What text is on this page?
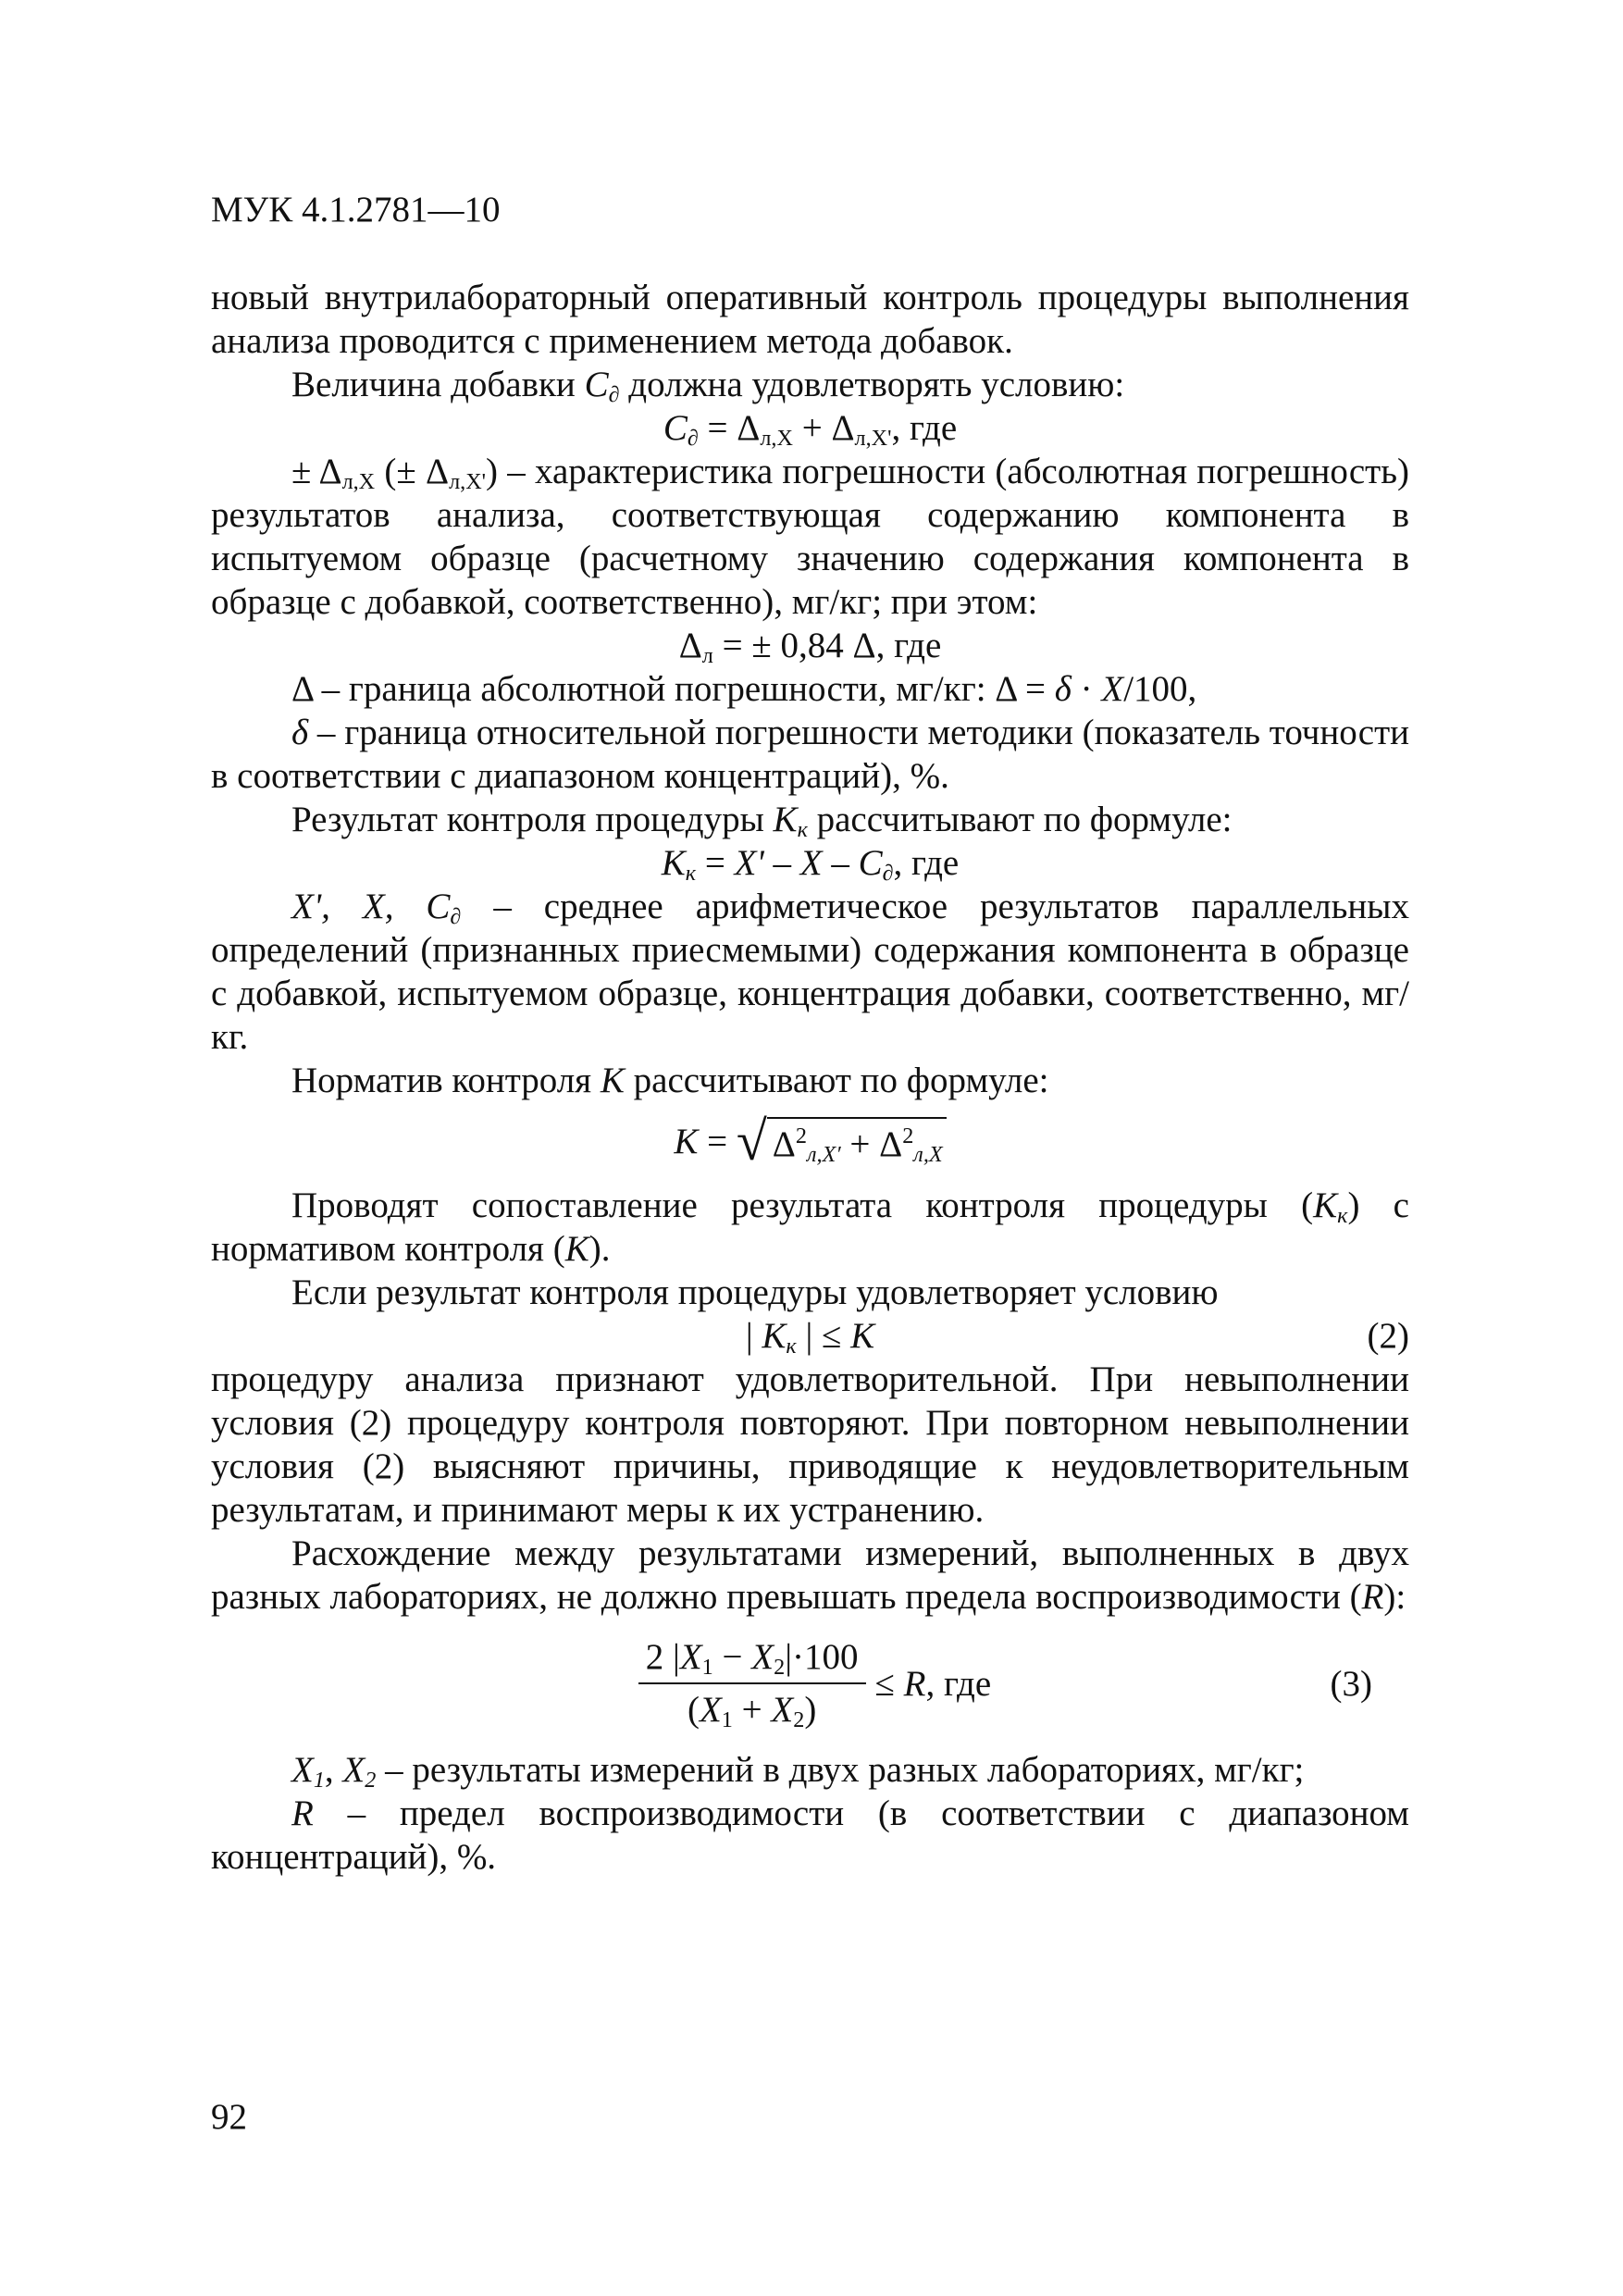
МУК 4.1.2781—10

новый внутрилабораторный оперативный контроль процедуры выполнения анализа проводится с применением метода добавок.

Величина добавки $C_\partial$ должна удовлетворять условию:

$C_\partial = \Delta_{л,X} + \Delta_{л,X'}$, где

± $\Delta_{л,X}$ (± $\Delta_{л,X'}$) – характеристика погрешности (абсолютная погрешность) результатов анализа, соответствующая содержанию компонента в испытуемом образце (расчетному значению содержания компонента в образце с добавкой, соответственно), мг/кг; при этом:

$\Delta_л$ = ± 0,84 Δ, где

Δ – граница абсолютной погрешности, мг/кг: Δ = δ · X/100,

δ – граница относительной погрешности методики (показатель точности в соответствии с диапазоном концентраций), %.

Результат контроля процедуры $K_к$ рассчитывают по формуле:

$K_к = X' - X - C_\partial$, где

X', X, $C_\partial$ – среднее арифметическое результатов параллельных определений (признанных приесмемыми) содержания компонента в образце с добавкой, испытуемом образце, концентрация добавки, соответственно, мг/кг.

Норматив контроля K рассчитывают по формуле:

K = √ $\Delta^2_{л,X'} + \Delta^2_{л,X}$

Проводят сопоставление результата контроля процедуры $(K_к)$ с нормативом контроля (K).

Если результат контроля процедуры удовлетворяет условию

| $K_к$ | ≤ K	(2)

процедуру анализа признают удовлетворительной. При невыполнении условия (2) процедуру контроля повторяют. При повторном невыполнении условия (2) выясняют причины, приводящие к неудовлетворительным результатам, и принимают меры к их устранению.

Расхождение между результатами измерений, выполненных в двух разных лабораториях, не должно превышать предела воспроизводимости (R):

$\frac{2 |X_1 - X_2|\cdot 100}{(X_1 + X_2)} \le R$, где	(3)

$X_1$, $X_2$ – результаты измерений в двух разных лабораториях, мг/кг;

R – предел воспроизводимости (в соответствии с диапазоном концентраций), %.

92
